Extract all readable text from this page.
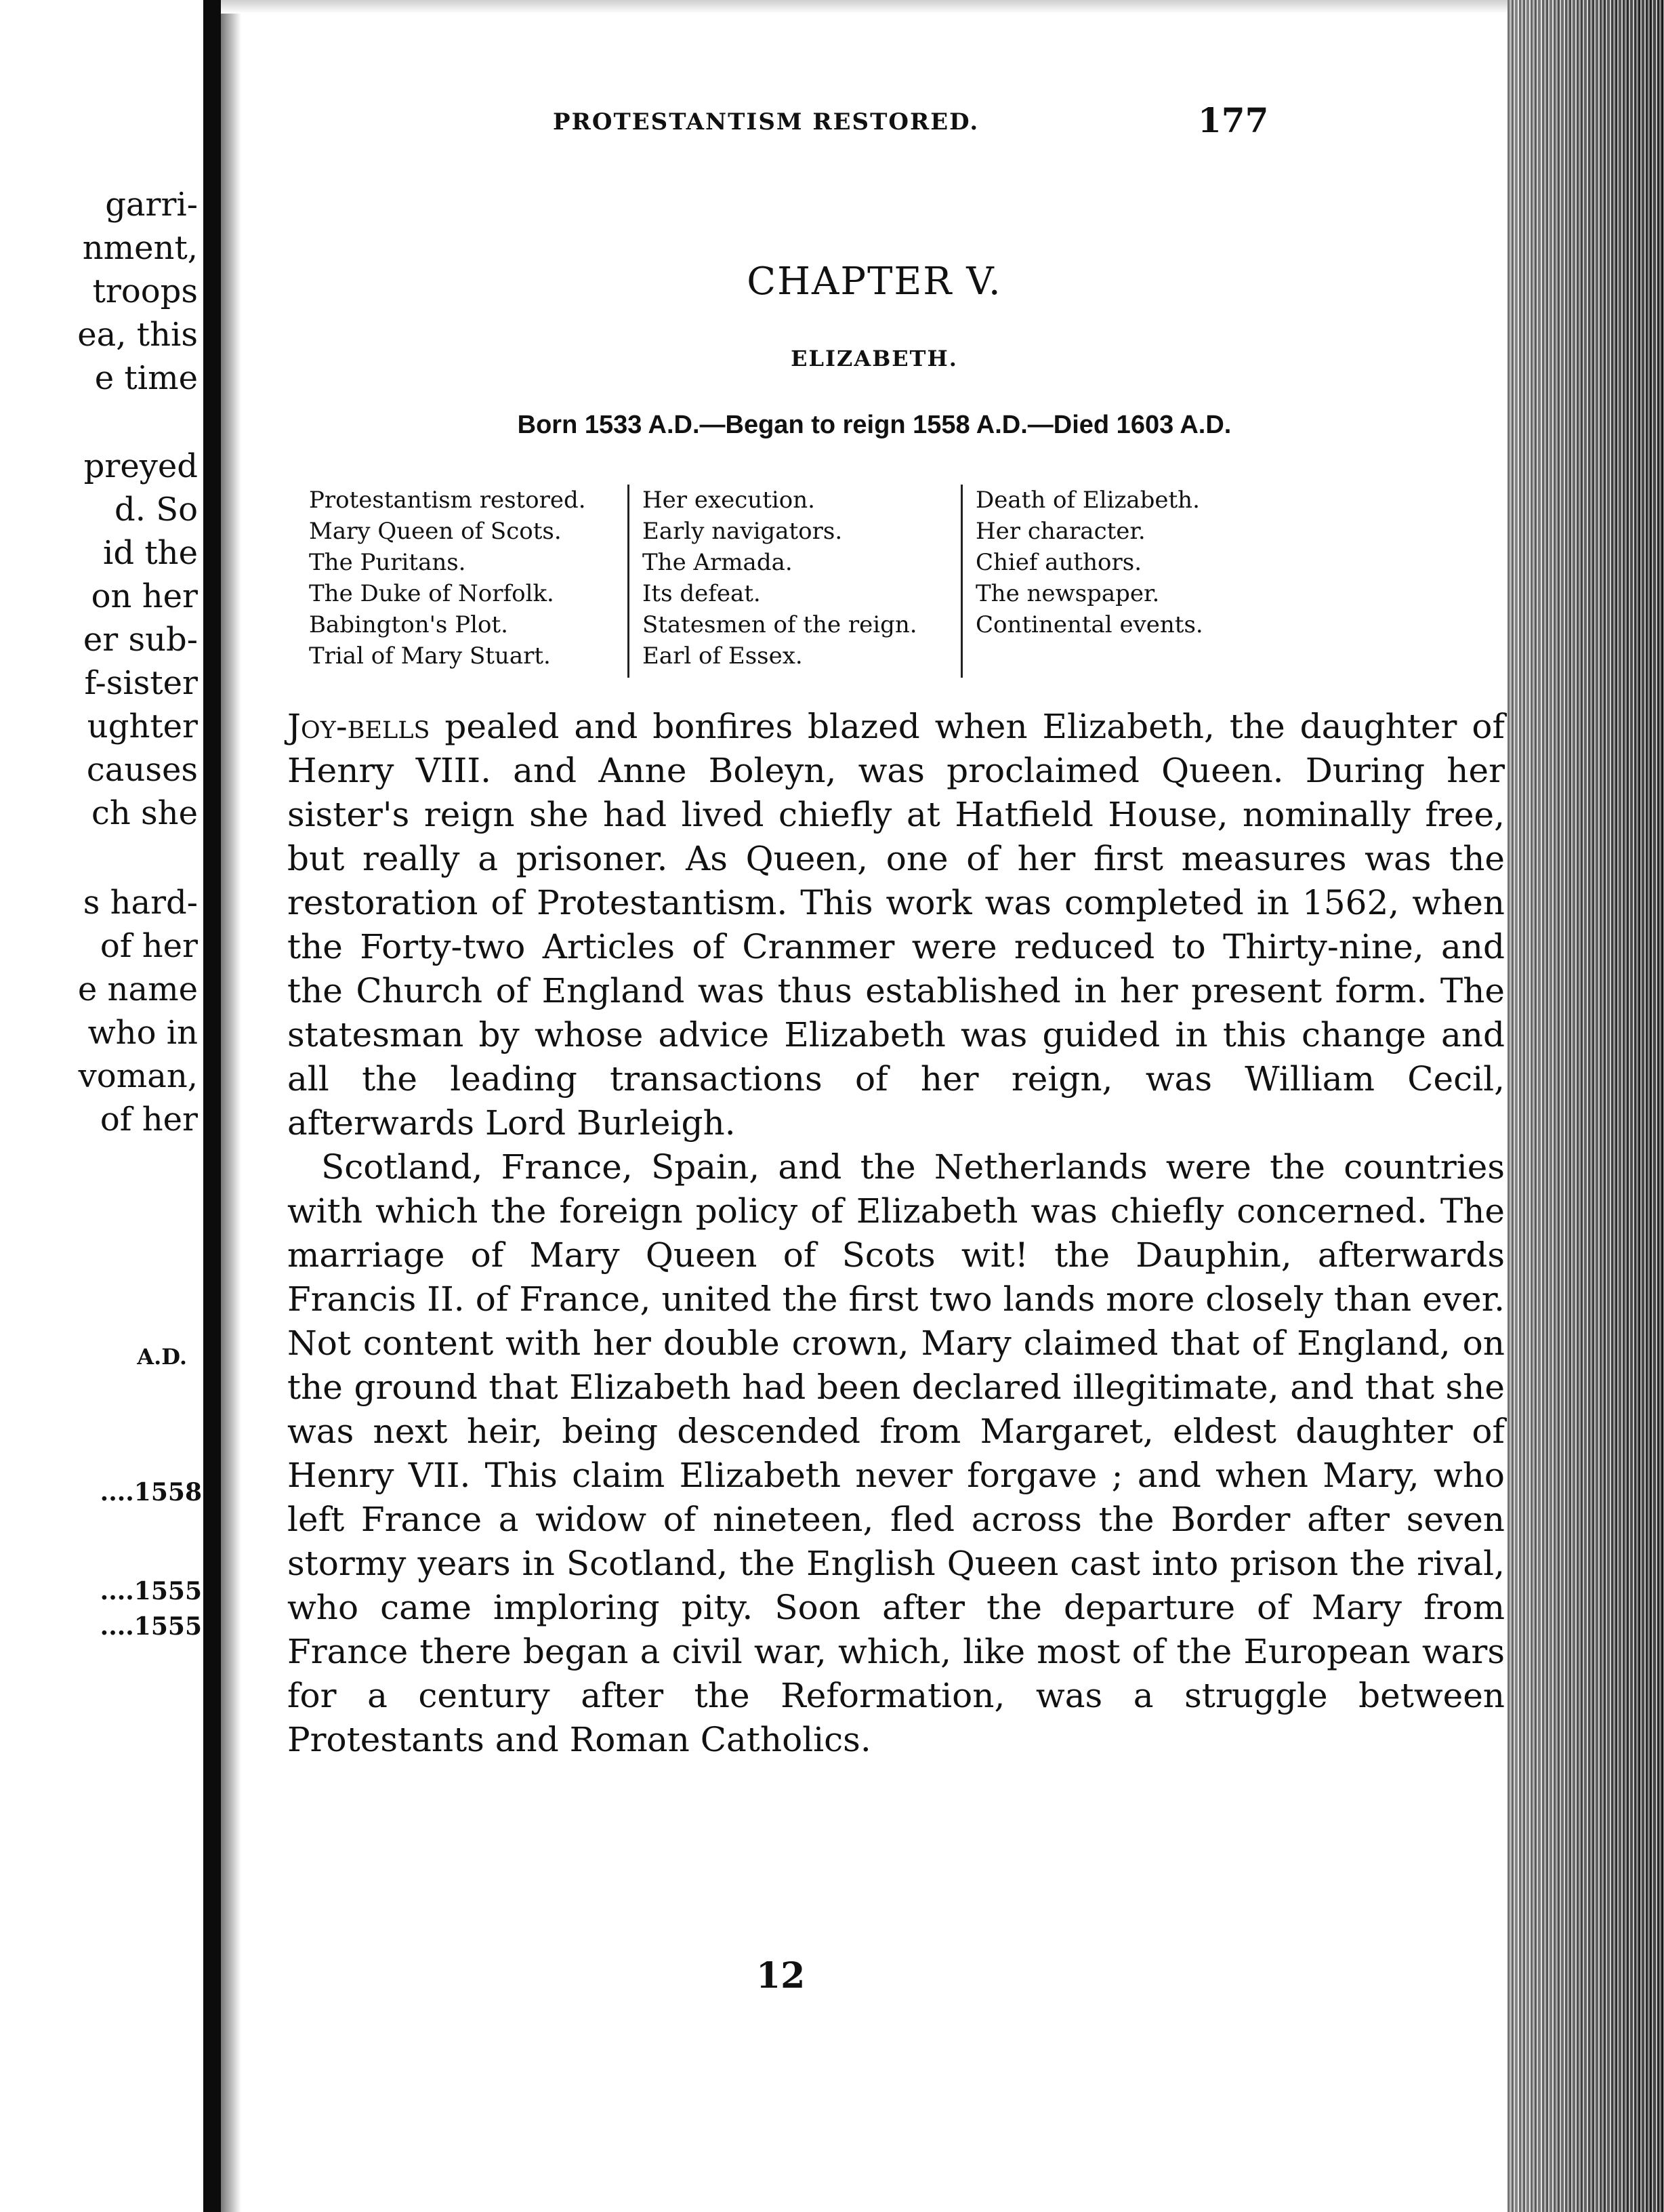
garri-
nment,
troops
ea, this
e time
preyed
d. So
id the
on her
er sub-
f-sister
ughter
causes
ch she
s hard-
of her
e name
who in
voman,
of her
A.D.
....1558
....1555
....1555
PROTESTANTISM RESTORED.	177
CHAPTER V.
ELIZABETH.
Born 1533 A.D.—Began to reign 1558 A.D.—Died 1603 A.D.
Protestantism restored.
Mary Queen of Scots.
The Puritans.
The Duke of Norfolk.
Babington's Plot.
Trial of Mary Stuart.
Her execution.
Early navigators.
The Armada.
Its defeat.
Statesmen of the reign.
Earl of Essex.
Death of Elizabeth.
Her character.
Chief authors.
The newspaper.
Continental events.

Joy-bells pealed and bonfires blazed when Elizabeth, the daughter of Henry VIII. and Anne Boleyn, was proclaimed Queen. During her sister's reign she had lived chiefly at Hatfield House, nominally free, but really a prisoner. As Queen, one of her first measures was the restoration of Protestantism. This work was completed in 1562, when the Forty-two Articles of Cranmer were reduced to Thirty-nine, and the Church of England was thus established in her present form. The statesman by whose advice Elizabeth was guided in this change and all the leading transactions of her reign, was William Cecil, afterwards Lord Burleigh.

Scotland, France, Spain, and the Netherlands were the countries with which the foreign policy of Elizabeth was chiefly concerned. The marriage of Mary Queen of Scots wit! the Dauphin, afterwards Francis II. of France, united the first two lands more closely than ever. Not content with her double crown, Mary claimed that of England, on the ground that Elizabeth had been declared illegitimate, and that she was next heir, being descended from Margaret, eldest daughter of Henry VII. This claim Elizabeth never forgave ; and when Mary, who left France a widow of nineteen, fled across the Border after seven stormy years in Scotland, the English Queen cast into prison the rival, who came imploring pity. Soon after the departure of Mary from France there began a civil war, which, like most of the European wars for a century after the Reformation, was a struggle between Protestants and Roman Catholics.

12
